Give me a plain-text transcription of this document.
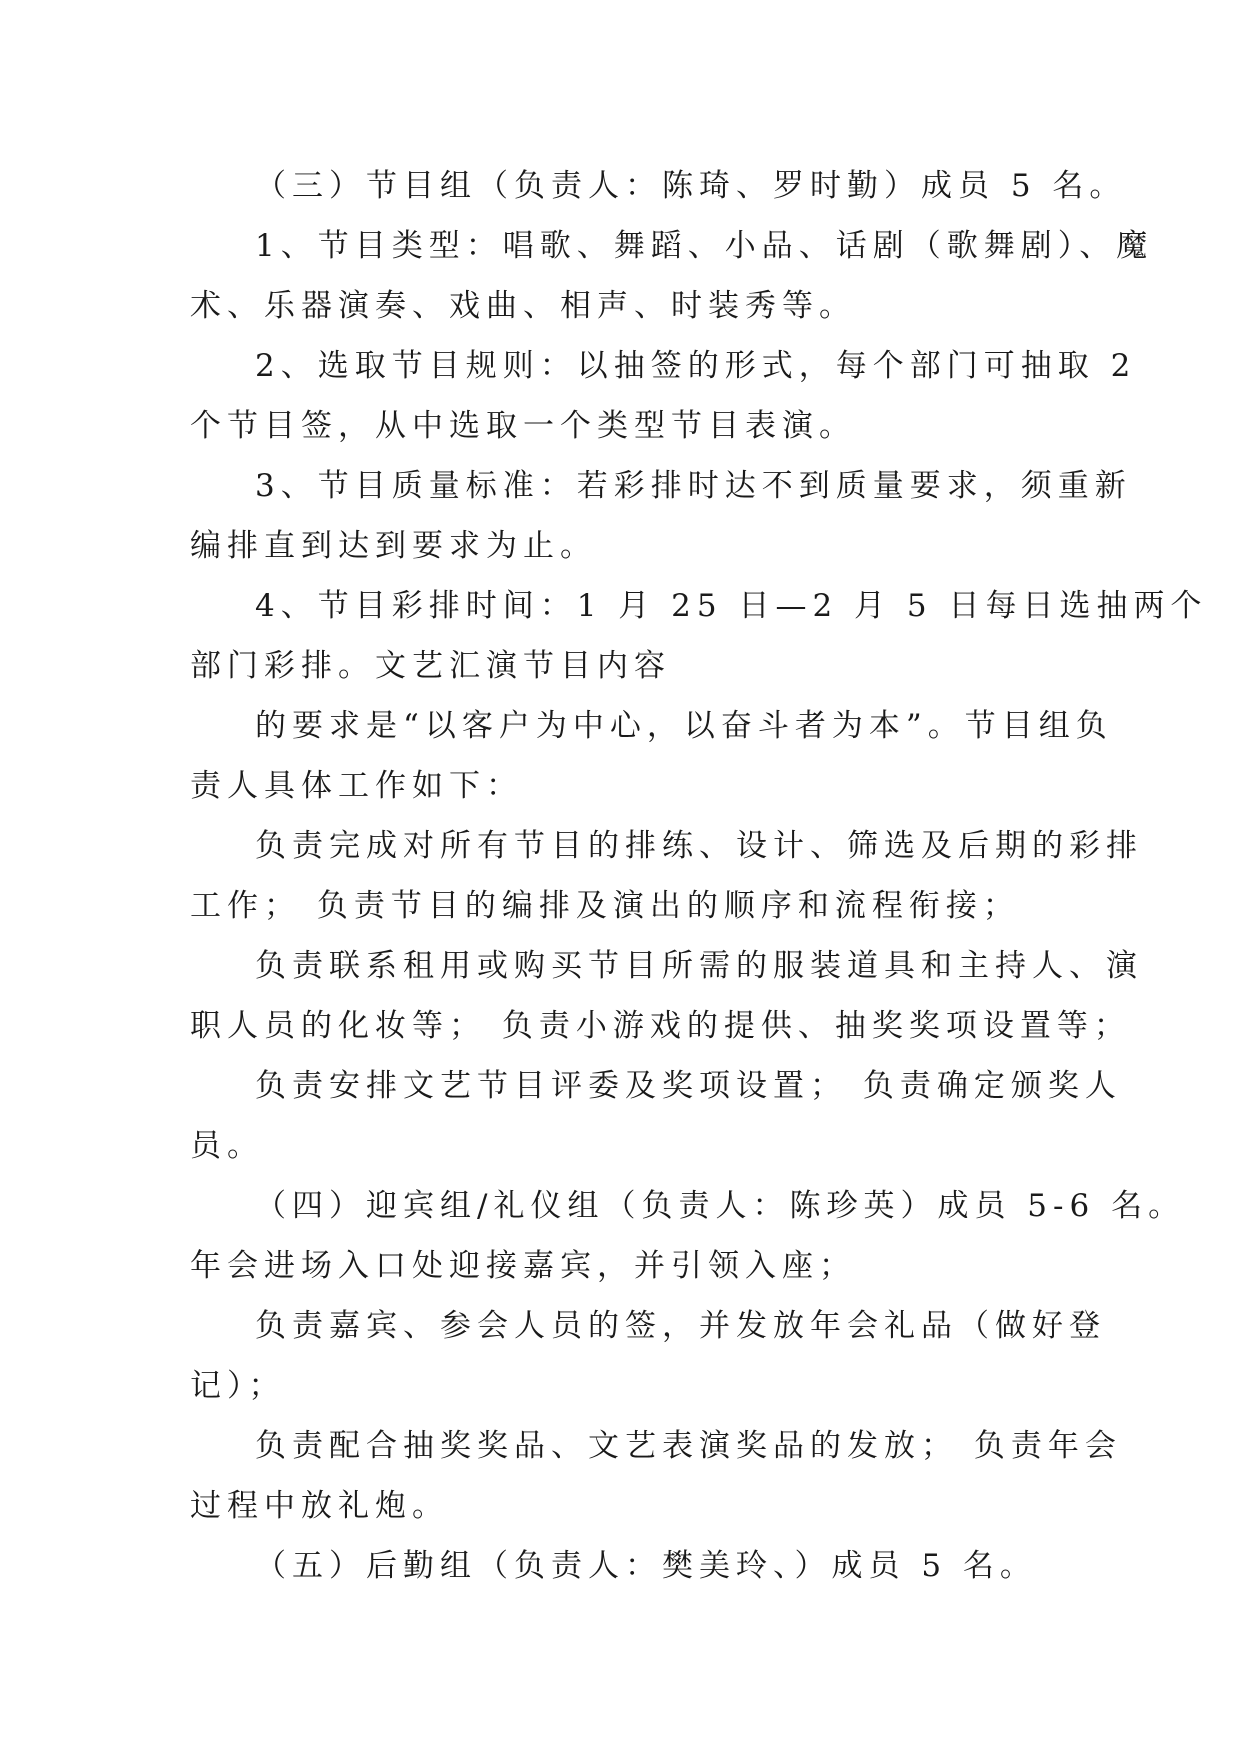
（三）节目组（负责人：陈琦、罗时勤）成员 5 名。
1、节目类型：唱歌、舞蹈、小品、话剧（歌舞剧）、魔
术、乐器演奏、戏曲、相声、时装秀等。
2、选取节目规则：以抽签的形式，每个部门可抽取 2
个节目签，从中选取一个类型节目表演。
3、节目质量标准：若彩排时达不到质量要求，须重新
编排直到达到要求为止。
4、节目彩排时间：1 月 25 日—2 月 5 日每日选抽两个
部门彩排。文艺汇演节目内容
的要求是“以客户为中心，以奋斗者为本”。节目组负
责人具体工作如下：
负责完成对所有节目的排练、设计、筛选及后期的彩排
工作； 负责节目的编排及演出的顺序和流程衔接；
负责联系租用或购买节目所需的服装道具和主持人、演
职人员的化妆等； 负责小游戏的提供、抽奖奖项设置等；
负责安排文艺节目评委及奖项设置； 负责确定颁奖人
员。
（四）迎宾组/礼仪组（负责人：陈珍英）成员 5-6 名。
年会进场入口处迎接嘉宾，并引领入座；
负责嘉宾、参会人员的签，并发放年会礼品（做好登
记）；
负责配合抽奖奖品、文艺表演奖品的发放； 负责年会
过程中放礼炮。
（五）后勤组（负责人：樊美玲、）成员 5 名。
